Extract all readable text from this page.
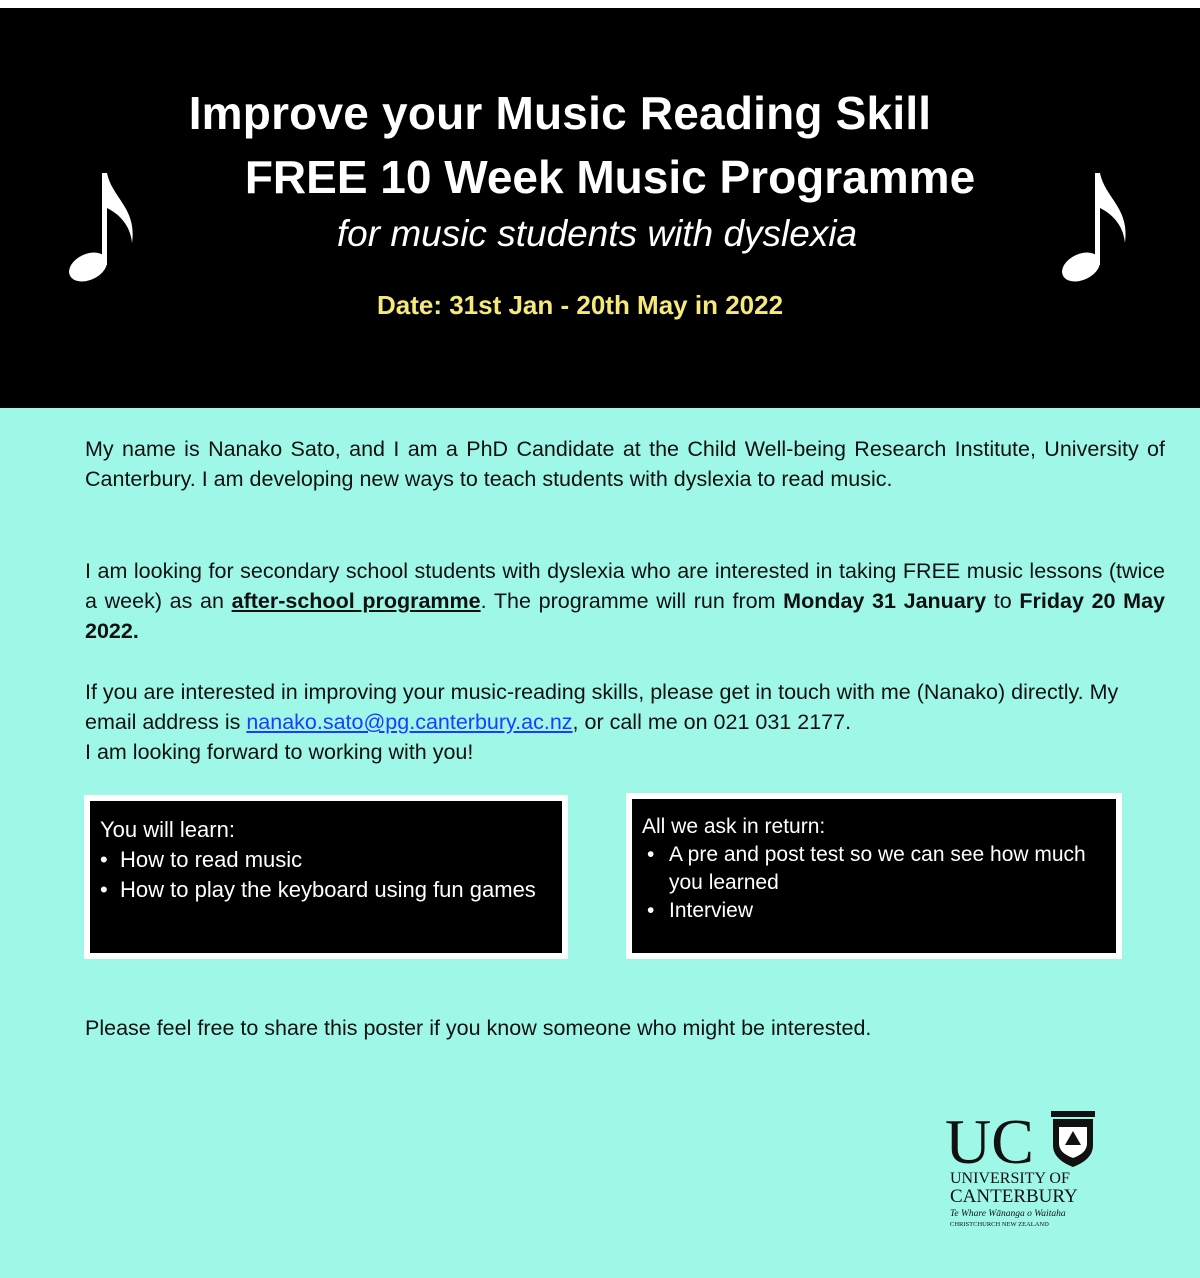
Improve your Music Reading Skill
FREE 10 Week Music Programme
for music students with dyslexia
Date: 31st Jan - 20th May in 2022
My name is Nanako Sato, and I am a PhD Candidate at the Child Well-being Research Institute, University of Canterbury. I am developing new ways to teach students with dyslexia to read music.
I am looking for secondary school students with dyslexia who are interested in taking FREE music lessons (twice a week) as an after-school programme. The programme will run from Monday 31 January to Friday 20 May 2022.
If you are interested in improving your music-reading skills, please get in touch with me (Nanako) directly. My email address is nanako.sato@pg.canterbury.ac.nz, or call me on 021 031 2177.
I am looking forward to working with you!
You will learn:
• How to read music
• How to play the keyboard using fun games
All we ask in return:
• A pre and post test so we can see how much you learned
• Interview
Please feel free to share this poster if you know someone who might be interested.
UC
UNIVERSITY OF
CANTERBURY
Te Whare Wānanga o Waitaha
CHRISTCHURCH NEW ZEALAND
